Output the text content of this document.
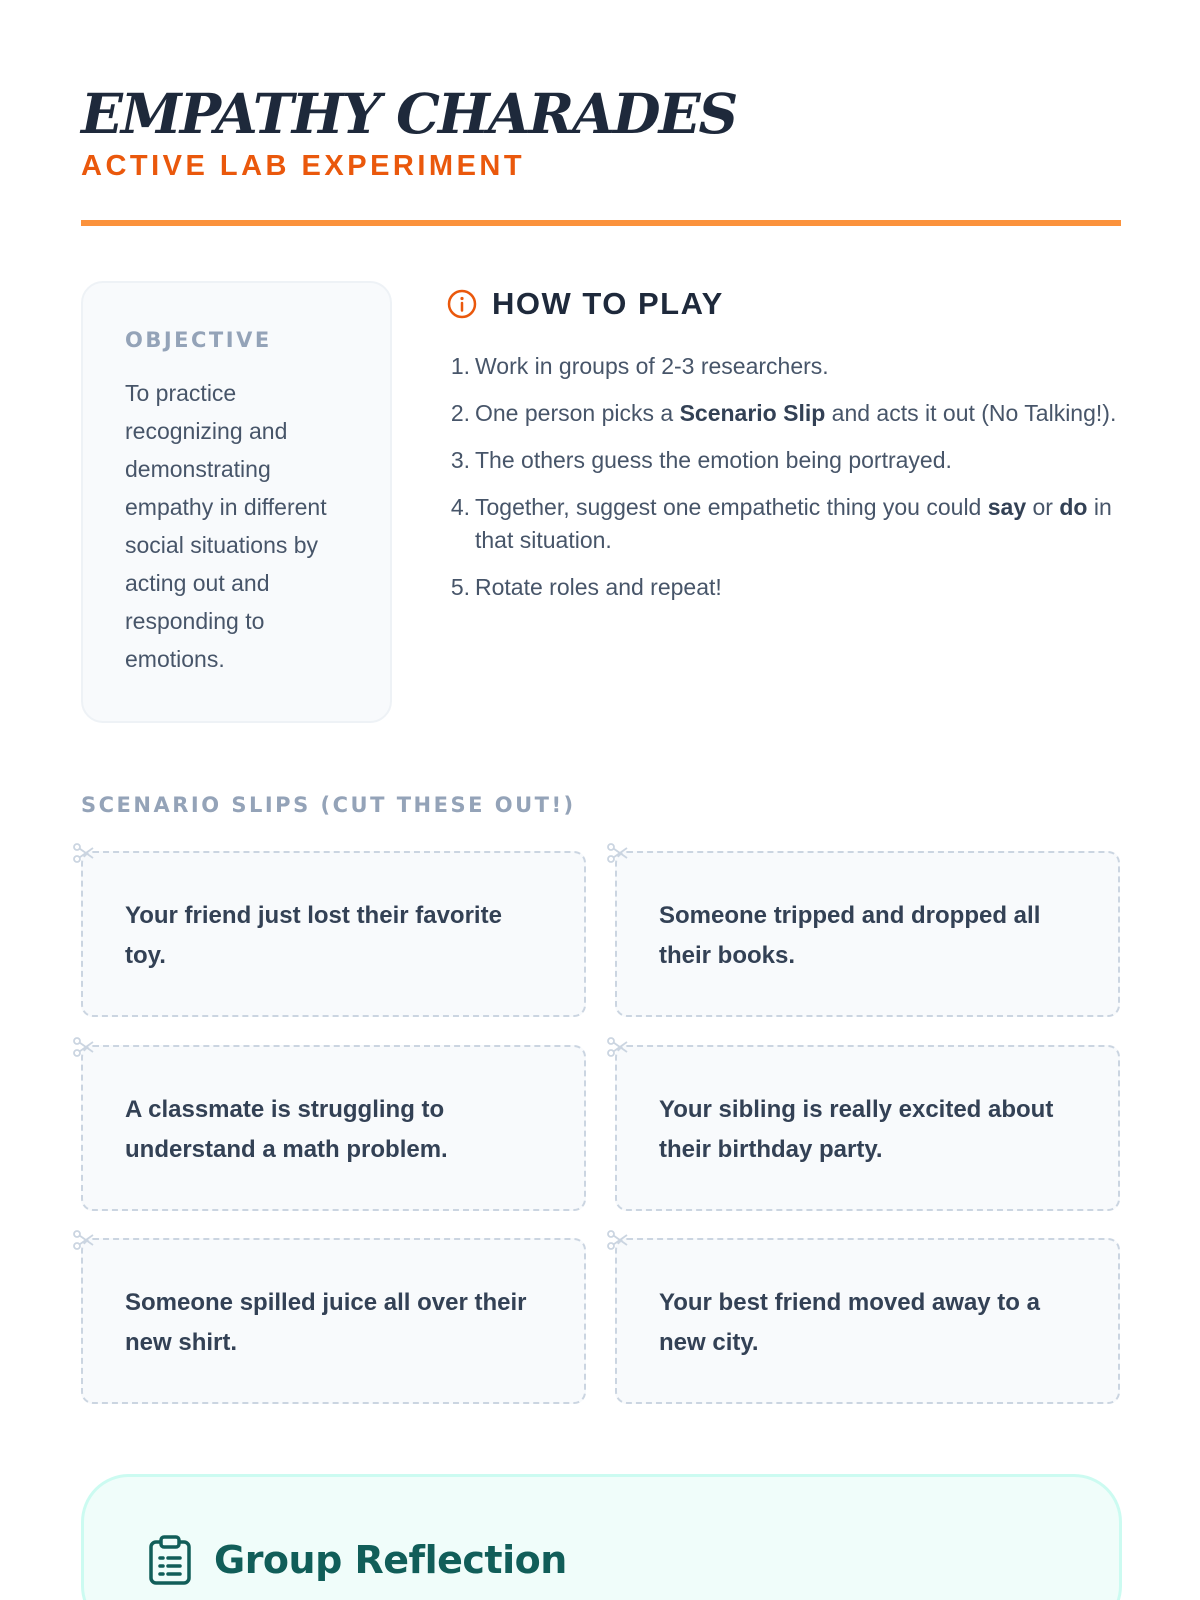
EMPATHY CHARADES
ACTIVE LAB EXPERIMENT
OBJECTIVE
To practice recognizing and demonstrating empathy in different social situations by acting out and responding to emotions.
HOW TO PLAY
1. Work in groups of 2-3 researchers.
2. One person picks a Scenario Slip and acts it out (No Talking!).
3. The others guess the emotion being portrayed.
4. Together, suggest one empathetic thing you could say or do in that situation.
5. Rotate roles and repeat!
SCENARIO SLIPS (CUT THESE OUT!)
Your friend just lost their favorite toy.
Someone tripped and dropped all their books.
A classmate is struggling to understand a math problem.
Your sibling is really excited about their birthday party.
Someone spilled juice all over their new shirt.
Your best friend moved away to a new city.
Group Reflection
